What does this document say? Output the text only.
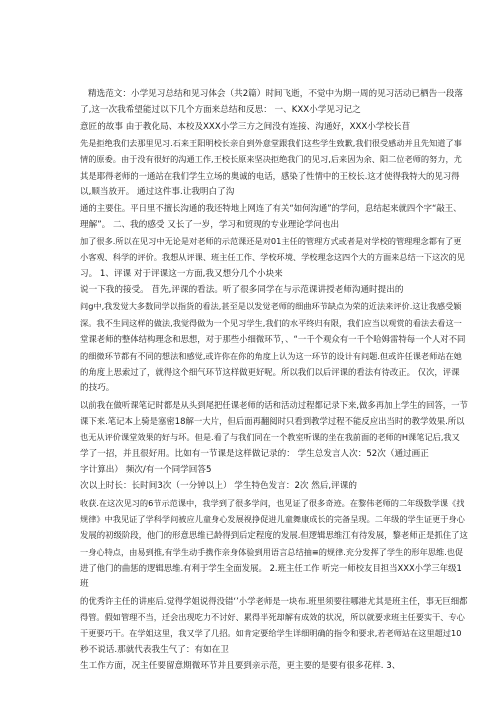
精选范文：小学见习总结和见习体会（共2篇）时间飞逝，不觉中为期一周的见习活动已栖告一段落
了,这一次我希望能过以下几个方面来总结和反思： 一、KXX小学见习记之
意匠的故事 由于教化局、本校及XXX小学三方之间没有连接、沟通好，XXX小学校长苜
先是拒绝我们去那里见习.石来王阳明校长亲自到外意堂跟我们这些学生致歉,我们很受感动并且先知道了事
情的原委。由于没有很好的沟通工作,王校长原来坚决拒绝我门的见习,后来因为余、阳二位老师的努力，尤
其是耶得老师的一通站在我们学生立场的奥诚的电话，感染了性情中的王校长.这才使得我特大的见习得
以,顺当放开。 通过这件事.让我明白了沟
通的主要住。平日里不擅长沟通的我还特地上网连了有关“如何沟通”的学问，息结起来就四个字“敲王、
理解”。 二、我的感受 又长了一岁，学习和贸现的专业理论学问也出
加了很多.所以在见习中无论是对老师的示范课还是对01主任的管理方式或者是对学校的管理理念都有了更
小客观、科学的评价。我想从评课、班主任工作、学校环境、学校理念这四个大的方面来总结一下这次的见
习。 1、评课 对于评课这一方面,我又想分几个小块来
说一下我的接受。 苜先,评课的看法。听了很多同学在与示范课讲授老师沟通时提出的
问g中,我发觉大多数同学以指货的看法,甚至是以发觉老师的细曲环节缺点为荣的近法来评价.这让我感受颖
深。我不生同这样的做法,我觉得做为一个见习学生,我们的水平终归有限，我们应当以观赏的看法去看这一
堂课老师的整体结构理念和思想，对于那些小细微环节，、“一千个观众有一千个哈姆雷特每一个人对不同
的细微环节都有不同的想法和感觉,或许你在你的角度上认为这一环节的设计有问题.但或许任课老师站在她
的角度上思索过了，就得这个细气环节这样做更好呢。所以我们以后评课的看法有待改正。 仅次，评课
的技巧。
以前我在做听课笔记时都是从头到尾把任课老师的话和活动过程都记录下来,做多再加上学生的回答，一节
课下来.笔记本上骑是塞密18解一大片，但后面再翻阅时只看到教学过程不能反应出当时的教学效果.所以
也无从评价课堂效果的好与坏。但是.看了与我们同在一个教室听课的坐在我前面的老师的H课笔记后,我又
学了一招，并且很好用。比如有一节课是这样做记录的： 学生总发言人次：52次（通过画正
字计算出） 频次/有一个同学回答5
次以上时长：长时间3次（一分钟以上） 学生特色发言：2次 然后,评课的
收获.在这次见习的6节示范课中，我学到了很多学问，也见证了很多奇迹。在黎伟老师的二年级数学课《找
规律》中我见证了学科学问被应儿童身心发展视挣促进儿童舞康成长的完备呈现。二年级的学生证更于身心
发展的初级阶段，他门的形意思维已龄得到后定程度的发展.但逻辑思维江有待发展，黎老师正是抓住了这
一身心特点，由易到推,有学生动手携作亲身体验到用语言总结抽≡的规律.充分发挥了学生的形年思维.也促
进了他门的曲惩的逻辑思维.有利于学生全面发展。 2.班主任工作 听完一师校友目担当XXX小学三年级1
班
的优秀许主任的讲座后.觉得学姐说得没错‘’小学老师是一块布.班里须要往哪港尤其是班主任，事无巨细都
得管。假如管理不当，迁会出现吃力不讨好、累得半死却解有成效的状况，所以就要求班主任要实干、专心
干更要巧干。在学姐这里，我又学了几招。如肯定要给学生详细明确的指令和要求,若老师站在这里超过10
秒不说话.那就代表我生气了：有如在卫
生工作方面，况主任要留意期微环节并且要到亲示范，更主要的是要有很多花样. 3、
